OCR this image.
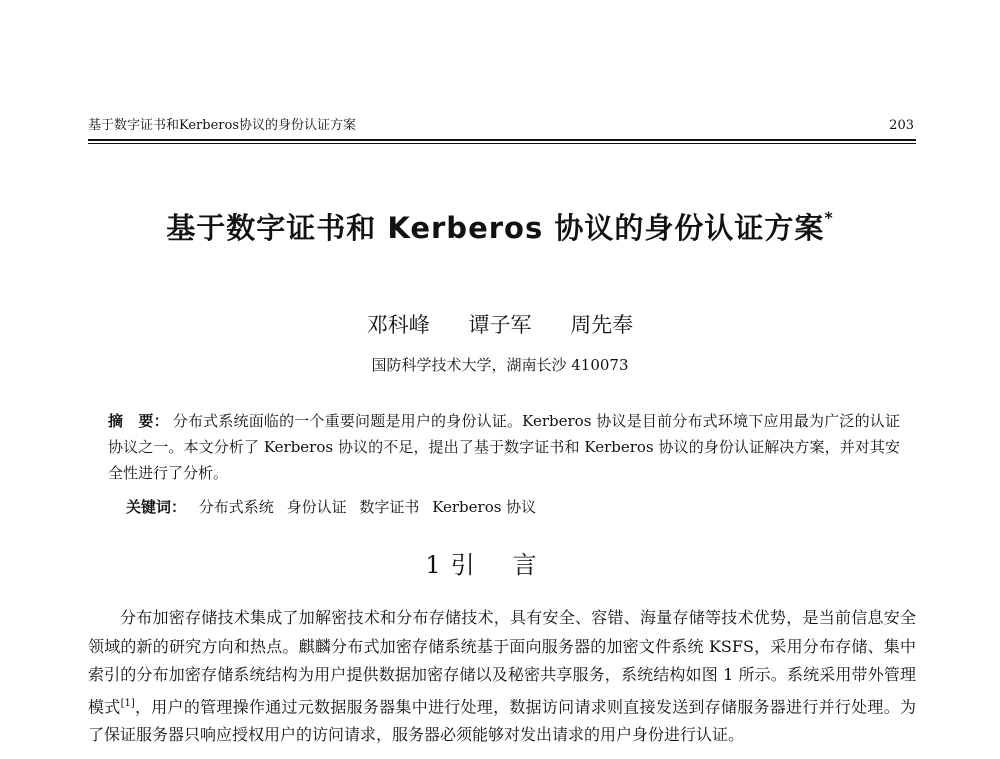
基于数字证书和Kerberos协议的身份认证方案	203
基于数字证书和 Kerberos 协议的身份认证方案*
邓科峰 谭子军 周先奉
国防科学技术大学，湖南长沙 410073

摘　要： 分布式系统面临的一个重要问题是用户的身份认证。Kerberos 协议是目前分布式环境下应用最为广泛的认证协议之一。本文分析了 Kerberos 协议的不足，提出了基于数字证书和 Kerberos 协议的身份认证解决方案，并对其安全性进行了分析。

关键词： 分布式系统 身份认证 数字证书 Kerberos 协议
1 引言

分布加密存储技术集成了加解密技术和分布存储技术，具有安全、容错、海量存储等技术优势，是当前信息安全领域的新的研究方向和热点。麒麟分布式加密存储系统基于面向服务器的加密文件系统 KSFS，采用分布存储、集中索引的分布加密存储系统结构为用户提供数据加密存储以及秘密共享服务，系统结构如图 1 所示。系统采用带外管理模式[1]，用户的管理操作通过元数据服务器集中进行处理，数据访问请求则直接发送到存储服务器进行并行处理。为了保证服务器只响应授权用户的访问请求，服务器必须能够对发出请求的用户身份进行认证。
